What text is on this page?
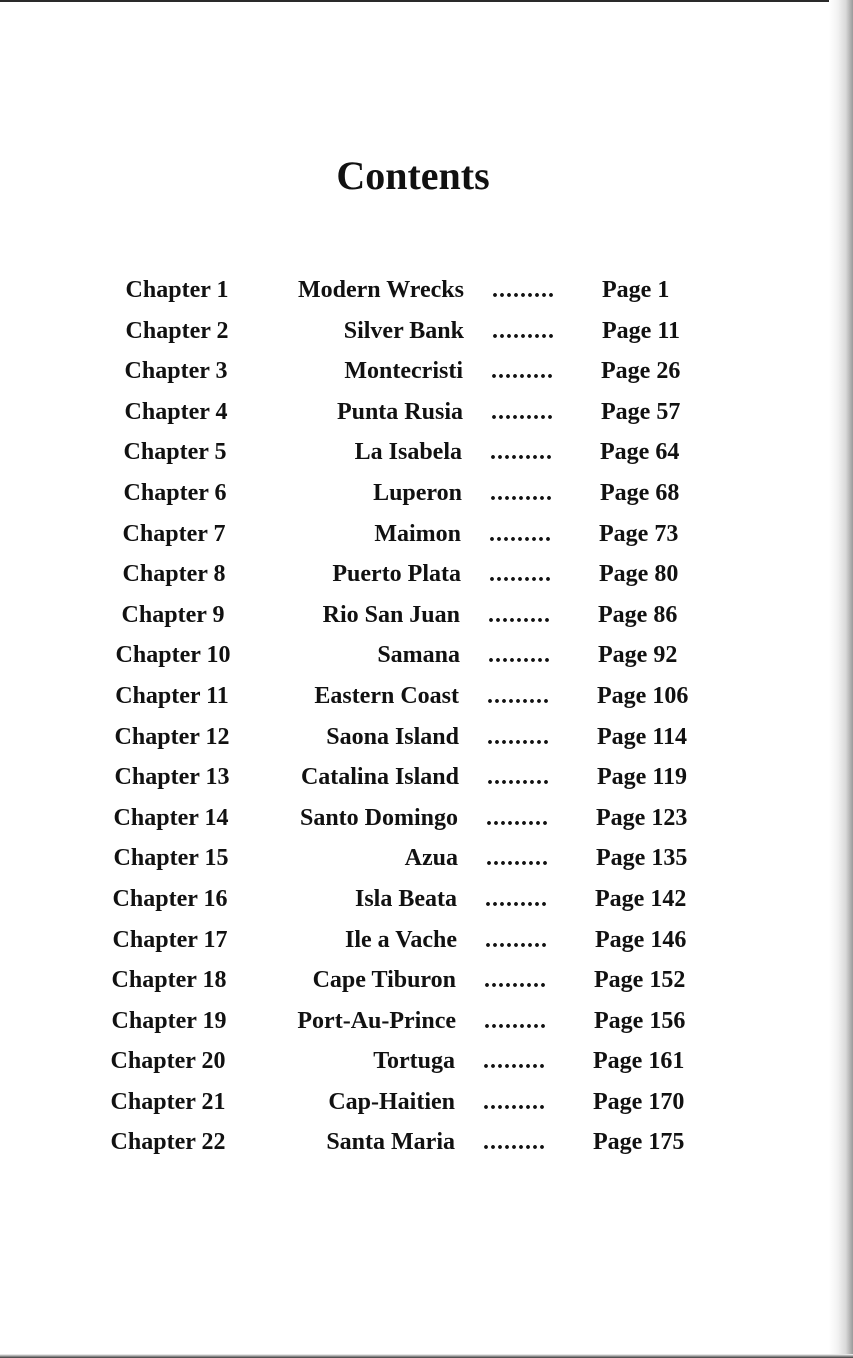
Contents
Chapter 1	Modern Wrecks .........	Page 1
Chapter 2	Silver Bank .........	Page 11
Chapter 3	Montecristi .........	Page 26
Chapter 4	Punta Rusia .........	Page 57
Chapter 5	La Isabela .........	Page 64
Chapter 6	Luperon .........	Page 68
Chapter 7	Maimon .........	Page 73
Chapter 8	Puerto Plata .........	Page 80
Chapter 9	Rio San Juan .........	Page 86
Chapter 10	Samana .........	Page 92
Chapter 11	Eastern Coast .........	Page 106
Chapter 12	Saona Island .........	Page 114
Chapter 13	Catalina Island .........	Page 119
Chapter 14	Santo Domingo .........	Page 123
Chapter 15	Azua .........	Page 135
Chapter 16	Isla Beata .........	Page 142
Chapter 17	Ile a Vache .........	Page 146
Chapter 18	Cape Tiburon .........	Page 152
Chapter 19	Port-Au-Prince .........	Page 156
Chapter 20	Tortuga .........	Page 161
Chapter 21	Cap-Haitien .........	Page 170
Chapter 22	Santa Maria .........	Page 175
